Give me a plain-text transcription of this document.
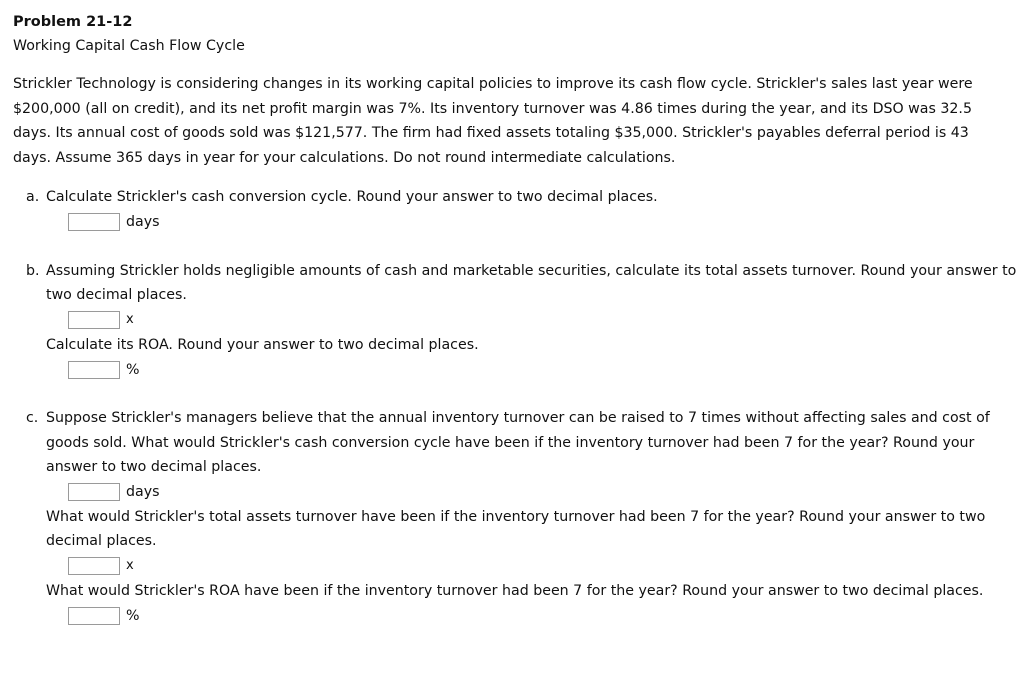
Problem 21-12
Working Capital Cash Flow Cycle
Strickler Technology is considering changes in its working capital policies to improve its cash flow cycle. Strickler's sales last year were $200,000 (all on credit), and its net profit margin was 7%. Its inventory turnover was 4.86 times during the year, and its DSO was 32.5 days. Its annual cost of goods sold was $121,577. The firm had fixed assets totaling $35,000. Strickler's payables deferral period is 43 days. Assume 365 days in year for your calculations. Do not round intermediate calculations.
a. Calculate Strickler's cash conversion cycle. Round your answer to two decimal places.
days
b. Assuming Strickler holds negligible amounts of cash and marketable securities, calculate its total assets turnover. Round your answer to two decimal places.
x
Calculate its ROA. Round your answer to two decimal places.
%
c. Suppose Strickler's managers believe that the annual inventory turnover can be raised to 7 times without affecting sales and cost of goods sold. What would Strickler's cash conversion cycle have been if the inventory turnover had been 7 for the year? Round your answer to two decimal places.
days
What would Strickler's total assets turnover have been if the inventory turnover had been 7 for the year? Round your answer to two decimal places.
x
What would Strickler's ROA have been if the inventory turnover had been 7 for the year? Round your answer to two decimal places.
%
